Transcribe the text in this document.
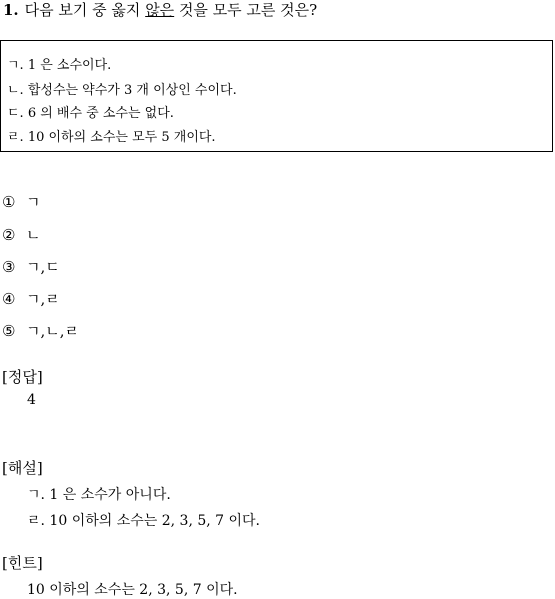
1. 다음 보기 중 옳지 않은 것을 모두 고른 것은?
ㄱ. 1 은 소수이다.
ㄴ. 합성수는 약수가 3 개 이상인 수이다.
ㄷ. 6 의 배수 중 소수는 없다.
ㄹ. 10 이하의 소수는 모두 5 개이다.
① ㄱ
② ㄴ
③ ㄱ,ㄷ
④ ㄱ,ㄹ
⑤ ㄱ,ㄴ,ㄹ
[정답]
4
[해설]
ㄱ. 1 은 소수가 아니다.
ㄹ. 10 이하의 소수는 2, 3, 5, 7 이다.
[힌트]
10 이하의 소수는 2, 3, 5, 7 이다.
